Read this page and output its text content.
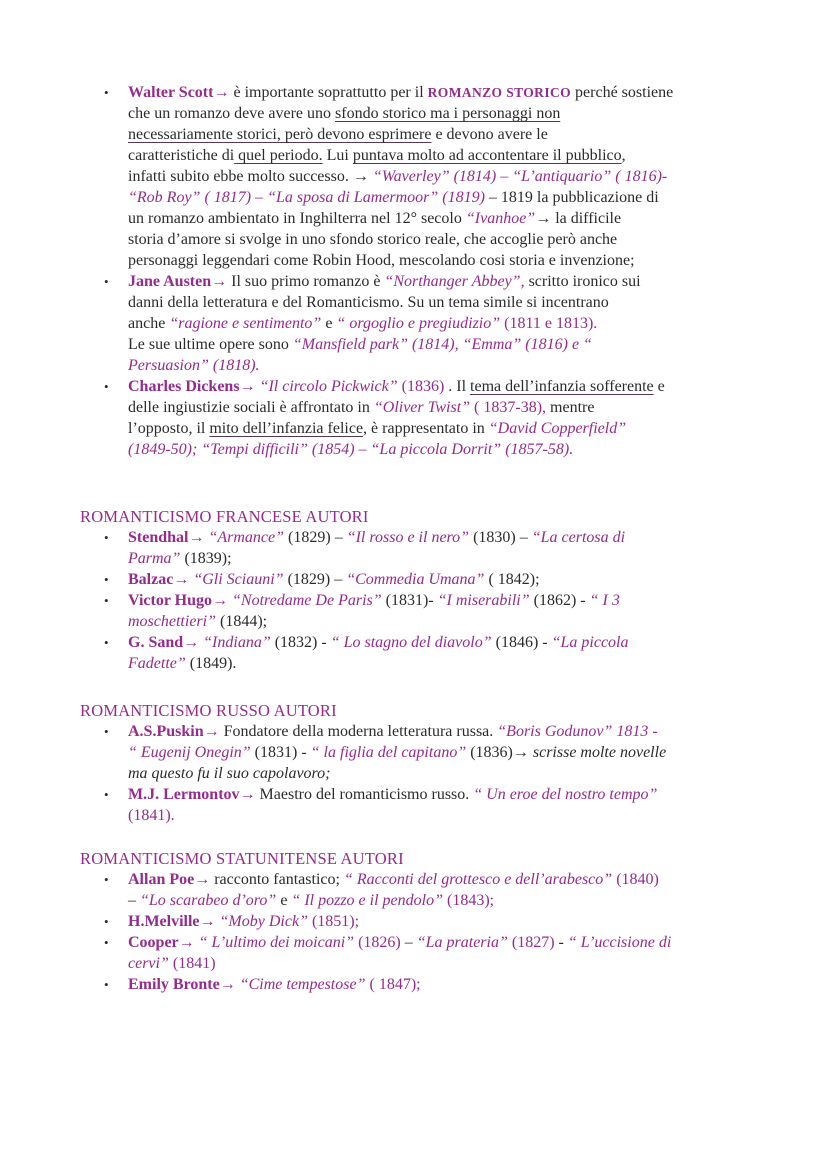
• Walter Scott→ è importante soprattutto per il ROMANZO STORICO perché sostiene
che un romanzo deve avere uno sfondo storico ma i personaggi non
necessariamente storici, però devono esprimere e devono avere le
caratteristiche di quel periodo. Lui puntava molto ad accontentare il pubblico,
infatti subito ebbe molto successo. → “Waverley” (1814) – “L’antiquario” ( 1816)-
“Rob Roy” ( 1817) – “La sposa di Lamermoor” (1819) – 1819 la pubblicazione di
un romanzo ambientato in Inghilterra nel 12° secolo “Ivanhoe”→ la difficile
storia d’amore si svolge in uno sfondo storico reale, che accoglie però anche
personaggi leggendari come Robin Hood, mescolando cosi storia e invenzione;
• Jane Austen→ Il suo primo romanzo è “Northanger Abbey”, scritto ironico sui
danni della letteratura e del Romanticismo. Su un tema simile si incentrano
anche “ragione e sentimento” e “ orgoglio e pregiudizio” (1811 e 1813).
Le sue ultime opere sono “Mansfield park” (1814), “Emma” (1816) e “
Persuasion” (1818).
• Charles Dickens→ “Il circolo Pickwick” (1836) . Il tema dell’infanzia sofferente e
delle ingiustizie sociali è affrontato in “Oliver Twist” ( 1837-38), mentre
l’opposto, il mito dell’infanzia felice, è rappresentato in “David Copperfield”
(1849-50); “Tempi difficili” (1854) – “La piccola Dorrit” (1857-58).
ROMANTICISMO FRANCESE AUTORI
• Stendhal→ “Armance” (1829) – “Il rosso e il nero” (1830) – “La certosa di
Parma” (1839);
• Balzac→ “Gli Sciauni” (1829) – “Commedia Umana” ( 1842);
• Victor Hugo→ “Notredame De Paris” (1831)- “I miserabili” (1862) - “ I 3
moschettieri” (1844);
• G. Sand→ “Indiana” (1832) - “ Lo stagno del diavolo” (1846) - “La piccola
Fadette” (1849).
ROMANTICISMO RUSSO AUTORI
• A.S.Puskin→ Fondatore della moderna letteratura russa. “Boris Godunov” 1813 -
“ Eugenij Onegin” (1831) - “ la figlia del capitano” (1836)→ scrisse molte novelle
ma questo fu il suo capolavoro;
• M.J. Lermontov→ Maestro del romanticismo russo. “ Un eroe del nostro tempo”
(1841).
ROMANTICISMO STATUNITENSE AUTORI
• Allan Poe→ racconto fantastico; “ Racconti del grottesco e dell’arabesco” (1840)
– “Lo scarabeo d’oro” e “ Il pozzo e il pendolo” (1843);
• H.Melville→ “Moby Dick” (1851);
• Cooper→ “ L’ultimo dei moicani” (1826) – “La prateria” (1827) - “ L’uccisione di
cervi” (1841)
• Emily Bronte→ “Cime tempestose” ( 1847);
